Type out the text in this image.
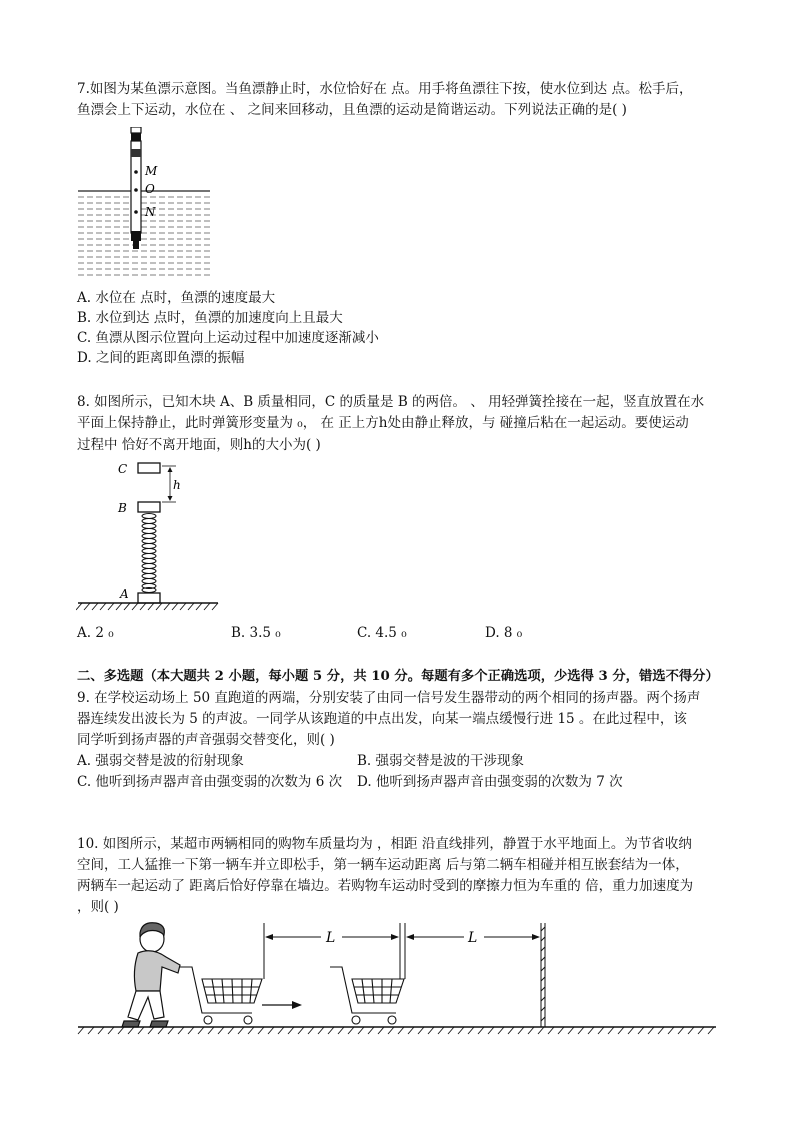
7.如图为某鱼漂示意图。当鱼漂静止时，水位恰好在 点。用手将鱼漂往下按，使水位到达 点。松手后，
鱼漂会上下运动，水位在 、 之间来回移动，且鱼漂的运动是简谐运动。下列说法正确的是( )
M
O
N
A. 水位在 点时，鱼漂的速度最大
B. 水位到达 点时，鱼漂的加速度向上且最大
C. 鱼漂从图示位置向上运动过程中加速度逐渐减小
D. 之间的距离即鱼漂的振幅
8. 如图所示，已知木块 A、B 质量相同，C 的质量是 B 的两倍。 、 用轻弹簧拴接在一起，竖直放置在水
平面上保持静止，此时弹簧形变量为 ₀， 在 正上方h处由静止释放，与 碰撞后粘在一起运动。要使运动
过程中 恰好不离开地面，则h的大小为( )
C
h
B
A
A. 2 ₀	B. 3.5 ₀	C. 4.5 ₀	D. 8 ₀
二、多选题（本大题共 2 小题，每小题 5 分，共 10 分。每题有多个正确选项，少选得 3 分，错选不得分）
9. 在学校运动场上 50 直跑道的两端，分别安装了由同一信号发生器带动的两个相同的扬声器。两个扬声
器连续发出波长为 5 的声波。一同学从该跑道的中点出发，向某一端点缓慢行进 15 。在此过程中，该
同学听到扬声器的声音强弱交替变化，则( )
A. 强弱交替是波的衍射现象	B. 强弱交替是波的干涉现象
C. 他听到扬声器声音由强变弱的次数为 6 次 D. 他听到扬声器声音由强变弱的次数为 7 次
10. 如图所示，某超市两辆相同的购物车质量均为 ，相距 沿直线排列，静置于水平地面上。为节省收纳
空间，工人猛推一下第一辆车并立即松手，第一辆车运动距离 后与第二辆车相碰并相互嵌套结为一体，
两辆车一起运动了 距离后恰好停靠在墙边。若购物车运动时受到的摩擦力恒为车重的 倍，重力加速度为
，则( )
L	L
